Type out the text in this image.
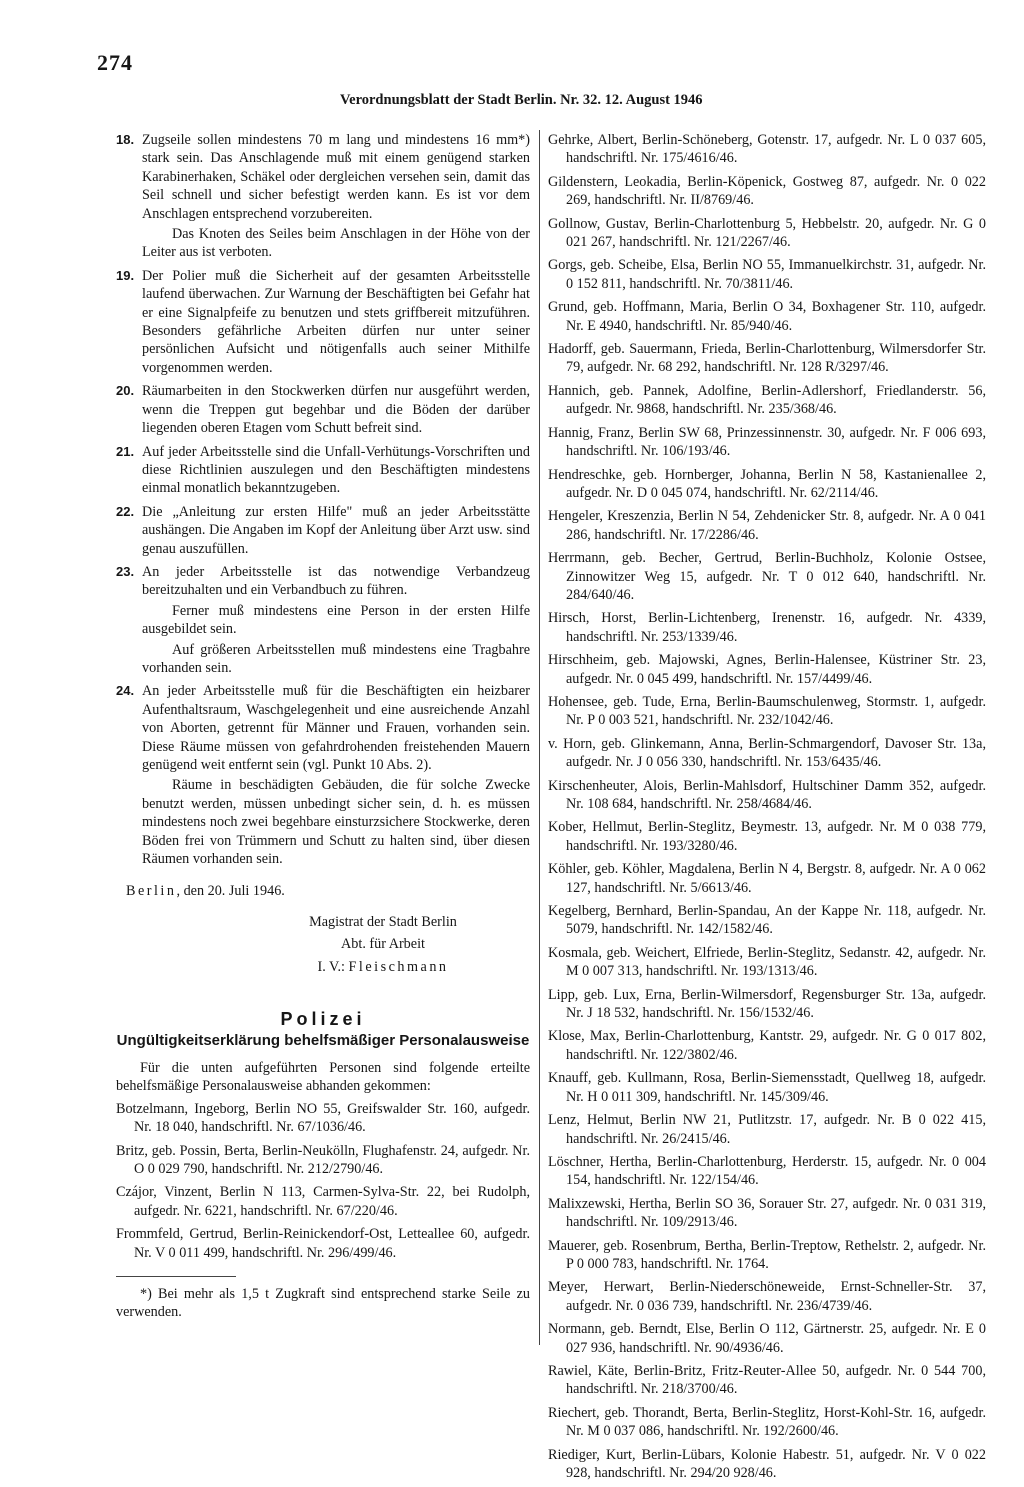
274
Verordnungsblatt der Stadt Berlin. Nr. 32. 12. August 1946
18. Zugseile sollen mindestens 70 m lang und mindestens 16 mm*) stark sein. Das Anschlagende muß mit einem genügend starken Karabinerhaken, Schäkel oder dergleichen versehen sein, damit das Seil schnell und sicher befestigt werden kann. Es ist vor dem Anschlagen entsprechend vorzubereiten.

Das Knoten des Seiles beim Anschlagen in der Höhe von der Leiter aus ist verboten.

19. Der Polier muß die Sicherheit auf der gesamten Arbeitsstelle laufend überwachen. Zur Warnung der Beschäftigten bei Gefahr hat er eine Signalpfeife zu benutzen und stets griffbereit mitzuführen. Besonders gefährliche Arbeiten dürfen nur unter seiner persönlichen Aufsicht und nötigenfalls auch seiner Mithilfe vorgenommen werden.

20. Räumarbeiten in den Stockwerken dürfen nur ausgeführt werden, wenn die Treppen gut begehbar und die Böden der darüber liegenden oberen Etagen vom Schutt befreit sind.

21. Auf jeder Arbeitsstelle sind die Unfall-Verhütungs-Vorschriften und diese Richtlinien auszulegen und den Beschäftigten mindestens einmal monatlich bekanntzugeben.

22. Die „Anleitung zur ersten Hilfe" muß an jeder Arbeitsstätte aushängen. Die Angaben im Kopf der Anleitung über Arzt usw. sind genau auszufüllen.

23. An jeder Arbeitsstelle ist das notwendige Verbandzeug bereitzuhalten und ein Verbandbuch zu führen.

Ferner muß mindestens eine Person in der ersten Hilfe ausgebildet sein.

Auf größeren Arbeitsstellen muß mindestens eine Tragbahre vorhanden sein.

24. An jeder Arbeitsstelle muß für die Beschäftigten ein heizbarer Aufenthaltsraum, Waschgelegenheit und eine ausreichende Anzahl von Aborten, getrennt für Männer und Frauen, vorhanden sein. Diese Räume müssen von gefahrdrohenden freistehenden Mauern genügend weit entfernt sein (vgl. Punkt 10 Abs. 2).

Räume in beschädigten Gebäuden, die für solche Zwecke benutzt werden, müssen unbedingt sicher sein, d. h. es müssen mindestens noch zwei begehbare einsturzsichere Stockwerke, deren Böden frei von Trümmern und Schutt zu halten sind, über diesen Räumen vorhanden sein.

Berlin, den 20. Juli 1946.
Magistrat der Stadt Berlin
Abt. für Arbeit
I. V.: Fleischmann
Polizei
Ungültigkeitserklärung behelfsmäßiger Personalausweise

Für die unten aufgeführten Personen sind folgende erteilte behelfsmäßige Personalausweise abhanden gekommen:

Botzelmann, Ingeborg, Berlin NO 55, Greifswalder Str. 160, aufgedr. Nr. 18 040, handschriftl. Nr. 67/1036/46.

Britz, geb. Possin, Berta, Berlin-Neukölln, Flughafenstr. 24, aufgedr. Nr. O 0 029 790, handschriftl. Nr. 212/2790/46.

Czájor, Vinzent, Berlin N 113, Carmen-Sylva-Str. 22, bei Rudolph, aufgedr. Nr. 6221, handschriftl. Nr. 67/220/46.

Frommfeld, Gertrud, Berlin-Reinickendorf-Ost, Letteallee 60, aufgedr. Nr. V 0 011 499, handschriftl. Nr. 296/499/46.

*) Bei mehr als 1,5 t Zugkraft sind entsprechend starke Seile zu verwenden.

Gehrke, Albert, Berlin-Schöneberg, Gotenstr. 17, aufgedr. Nr. L 0 037 605, handschriftl. Nr. 175/4616/46.

Gildenstern, Leokadia, Berlin-Köpenick, Gostweg 87, aufgedr. Nr. 0 022 269, handschriftl. Nr. II/8769/46.

Gollnow, Gustav, Berlin-Charlottenburg 5, Hebbelstr. 20, aufgedr. Nr. G 0 021 267, handschriftl. Nr. 121/2267/46.

Gorgs, geb. Scheibe, Elsa, Berlin NO 55, Immanuelkirchstr. 31, aufgedr. Nr. 0 152 811, handschriftl. Nr. 70/3811/46.

Grund, geb. Hoffmann, Maria, Berlin O 34, Boxhagener Str. 110, aufgedr. Nr. E 4940, handschriftl. Nr. 85/940/46.

Hadorff, geb. Sauermann, Frieda, Berlin-Charlottenburg, Wilmersdorfer Str. 79, aufgedr. Nr. 68 292, handschriftl. Nr. 128 R/3297/46.

Hannich, geb. Pannek, Adolfine, Berlin-Adlershorf, Friedlanderstr. 56, aufgedr. Nr. 9868, handschriftl. Nr. 235/368/46.

Hannig, Franz, Berlin SW 68, Prinzessinnenstr. 30, aufgedr. Nr. F 006 693, handschriftl. Nr. 106/193/46.

Hendreschke, geb. Hornberger, Johanna, Berlin N 58, Kastanienallee 2, aufgedr. Nr. D 0 045 074, handschriftl. Nr. 62/2114/46.

Hengeler, Kreszenzia, Berlin N 54, Zehdenicker Str. 8, aufgedr. Nr. A 0 041 286, handschriftl. Nr. 17/2286/46.

Herrmann, geb. Becher, Gertrud, Berlin-Buchholz, Kolonie Ostsee, Zinnowitzer Weg 15, aufgedr. Nr. T 0 012 640, handschriftl. Nr. 284/640/46.

Hirsch, Horst, Berlin-Lichtenberg, Irenenstr. 16, aufgedr. Nr. 4339, handschriftl. Nr. 253/1339/46.

Hirschheim, geb. Majowski, Agnes, Berlin-Halensee, Küstriner Str. 23, aufgedr. Nr. 0 045 499, handschriftl. Nr. 157/4499/46.

Hohensee, geb. Tude, Erna, Berlin-Baumschulenweg, Stormstr. 1, aufgedr. Nr. P 0 003 521, handschriftl. Nr. 232/1042/46.

v. Horn, geb. Glinkemann, Anna, Berlin-Schmargendorf, Davoser Str. 13a, aufgedr. Nr. J 0 056 330, handschriftl. Nr. 153/6435/46.

Kirschenheuter, Alois, Berlin-Mahlsdorf, Hultschiner Damm 352, aufgedr. Nr. 108 684, handschriftl. Nr. 258/4684/46.

Kober, Hellmut, Berlin-Steglitz, Beymestr. 13, aufgedr. Nr. M 0 038 779, handschriftl. Nr. 193/3280/46.

Köhler, geb. Köhler, Magdalena, Berlin N 4, Bergstr. 8, aufgedr. Nr. A 0 062 127, handschriftl. Nr. 5/6613/46.

Kegelberg, Bernhard, Berlin-Spandau, An der Kappe Nr. 118, aufgedr. Nr. 5079, handschriftl. Nr. 142/1582/46.

Kosmala, geb. Weichert, Elfriede, Berlin-Steglitz, Sedanstr. 42, aufgedr. Nr. M 0 007 313, handschriftl. Nr. 193/1313/46.

Lipp, geb. Lux, Erna, Berlin-Wilmersdorf, Regensburger Str. 13a, aufgedr. Nr. J 18 532, handschriftl. Nr. 156/1532/46.

Klose, Max, Berlin-Charlottenburg, Kantstr. 29, aufgedr. Nr. G 0 017 802, handschriftl. Nr. 122/3802/46.

Knauff, geb. Kullmann, Rosa, Berlin-Siemensstadt, Quellweg 18, aufgedr. Nr. H 0 011 309, handschriftl. Nr. 145/309/46.

Lenz, Helmut, Berlin NW 21, Putlitzstr. 17, aufgedr. Nr. B 0 022 415, handschriftl. Nr. 26/2415/46.

Löschner, Hertha, Berlin-Charlottenburg, Herderstr. 15, aufgedr. Nr. 0 004 154, handschriftl. Nr. 122/154/46.

Malixzewski, Hertha, Berlin SO 36, Sorauer Str. 27, aufgedr. Nr. 0 031 319, handschriftl. Nr. 109/2913/46.

Mauerer, geb. Rosenbrum, Bertha, Berlin-Treptow, Rethelstr. 2, aufgedr. Nr. P 0 000 783, handschriftl. Nr. 1764.

Meyer, Herwart, Berlin-Niederschöneweide, Ernst-Schneller-Str. 37, aufgedr. Nr. 0 036 739, handschriftl. Nr. 236/4739/46.

Normann, geb. Berndt, Else, Berlin O 112, Gärtnerstr. 25, aufgedr. Nr. E 0 027 936, handschriftl. Nr. 90/4936/46.

Rawiel, Käte, Berlin-Britz, Fritz-Reuter-Allee 50, aufgedr. Nr. 0 544 700, handschriftl. Nr. 218/3700/46.

Riechert, geb. Thorandt, Berta, Berlin-Steglitz, Horst-Kohl-Str. 16, aufgedr. Nr. M 0 037 086, handschriftl. Nr. 192/2600/46.

Riediger, Kurt, Berlin-Lübars, Kolonie Habestr. 51, aufgedr. Nr. V 0 022 928, handschriftl. Nr. 294/20 928/46.
